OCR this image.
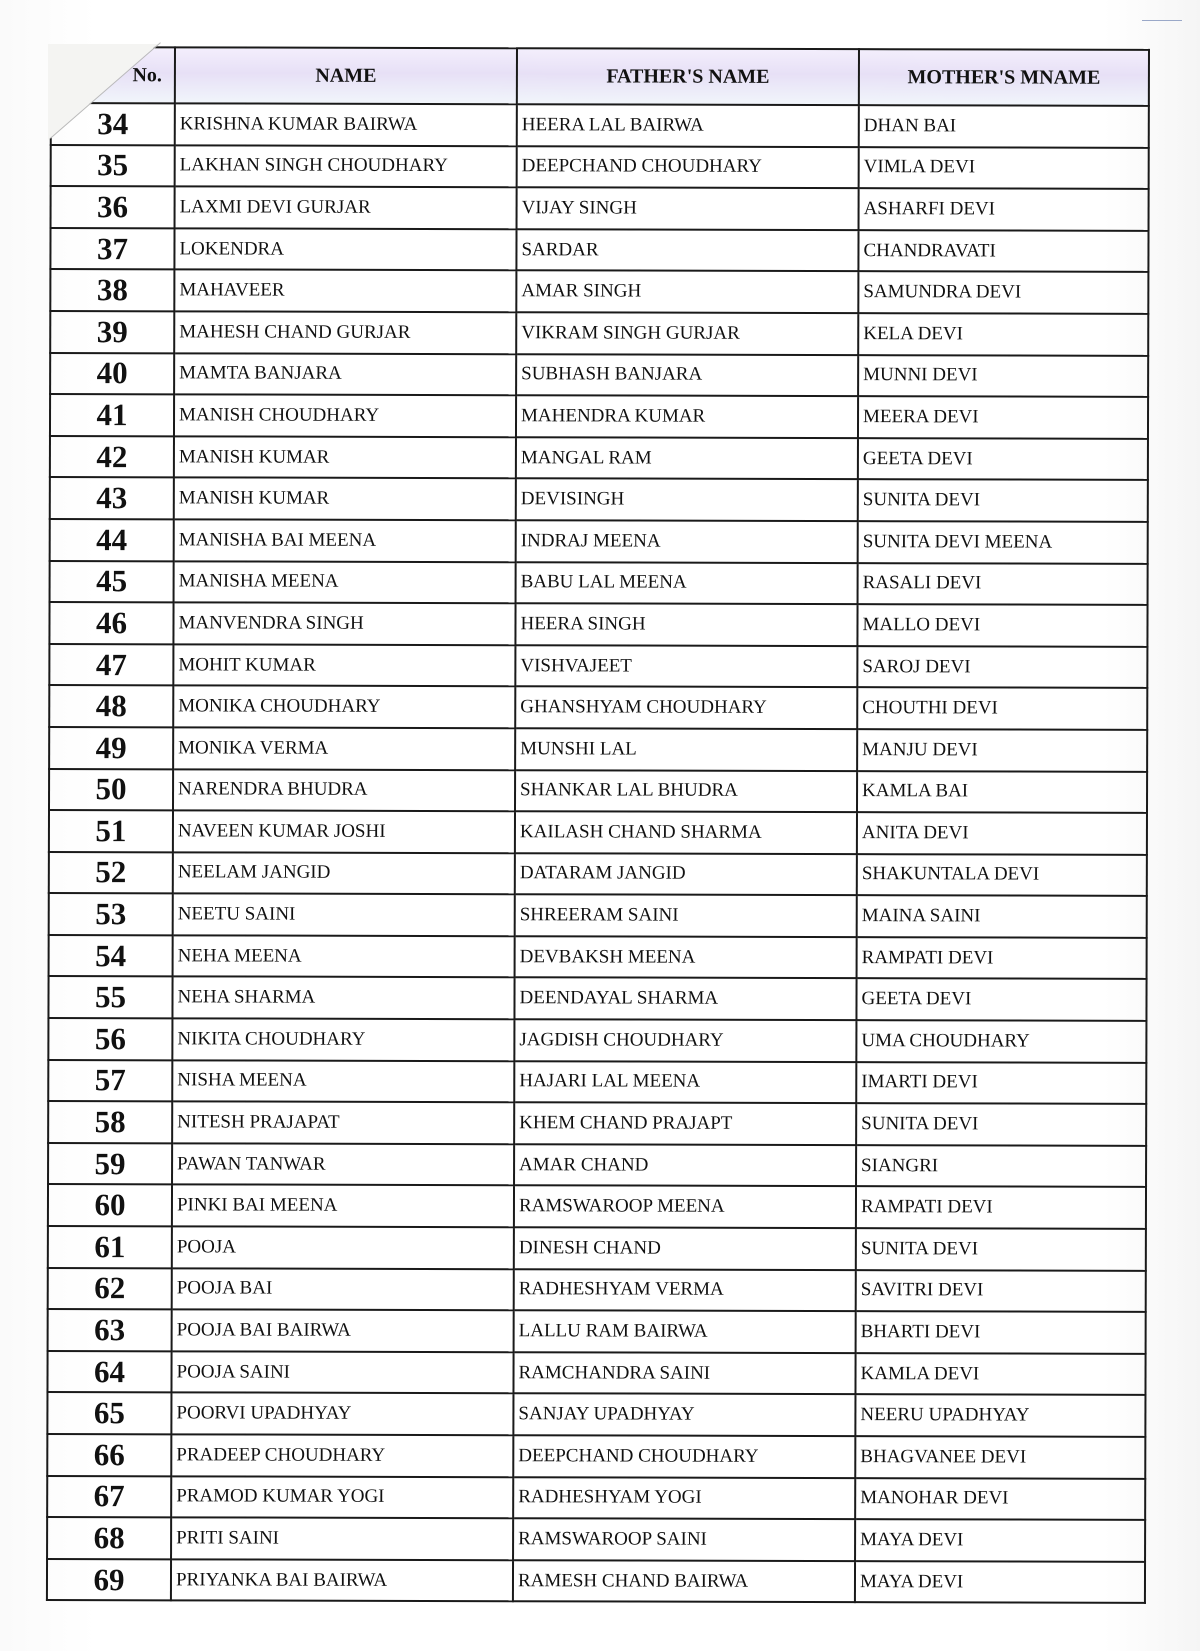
No.	NAME	FATHER'S NAME	MOTHER'S MNAME
34	KRISHNA KUMAR BAIRWA	HEERA LAL BAIRWA	DHAN BAI
35	LAKHAN SINGH CHOUDHARY	DEEPCHAND CHOUDHARY	VIMLA DEVI
36	LAXMI DEVI GURJAR	VIJAY SINGH	ASHARFI DEVI
37	LOKENDRA	SARDAR	CHANDRAVATI
38	MAHAVEER	AMAR SINGH	SAMUNDRA DEVI
39	MAHESH CHAND GURJAR	VIKRAM SINGH GURJAR	KELA DEVI
40	MAMTA BANJARA	SUBHASH BANJARA	MUNNI DEVI
41	MANISH CHOUDHARY	MAHENDRA KUMAR	MEERA DEVI
42	MANISH KUMAR	MANGAL RAM	GEETA DEVI
43	MANISH KUMAR	DEVISINGH	SUNITA DEVI
44	MANISHA BAI MEENA	INDRAJ MEENA	SUNITA DEVI MEENA
45	MANISHA MEENA	BABU LAL MEENA	RASALI DEVI
46	MANVENDRA SINGH	HEERA SINGH	MALLO DEVI
47	MOHIT KUMAR	VISHVAJEET	SAROJ DEVI
48	MONIKA CHOUDHARY	GHANSHYAM CHOUDHARY	CHOUTHI DEVI
49	MONIKA VERMA	MUNSHI LAL	MANJU DEVI
50	NARENDRA BHUDRA	SHANKAR LAL BHUDRA	KAMLA BAI
51	NAVEEN KUMAR JOSHI	KAILASH CHAND SHARMA	ANITA DEVI
52	NEELAM JANGID	DATARAM JANGID	SHAKUNTALA DEVI
53	NEETU SAINI	SHREERAM SAINI	MAINA SAINI
54	NEHA MEENA	DEVBAKSH MEENA	RAMPATI DEVI
55	NEHA SHARMA	DEENDAYAL SHARMA	GEETA DEVI
56	NIKITA CHOUDHARY	JAGDISH CHOUDHARY	UMA CHOUDHARY
57	NISHA MEENA	HAJARI LAL MEENA	IMARTI DEVI
58	NITESH PRAJAPAT	KHEM CHAND PRAJAPT	SUNITA DEVI
59	PAWAN TANWAR	AMAR CHAND	SIANGRI
60	PINKI BAI MEENA	RAMSWAROOP MEENA	RAMPATI DEVI
61	POOJA	DINESH CHAND	SUNITA DEVI
62	POOJA BAI	RADHESHYAM VERMA	SAVITRI DEVI
63	POOJA BAI BAIRWA	LALLU RAM BAIRWA	BHARTI DEVI
64	POOJA SAINI	RAMCHANDRA SAINI	KAMLA DEVI
65	POORVI UPADHYAY	SANJAY UPADHYAY	NEERU UPADHYAY
66	PRADEEP CHOUDHARY	DEEPCHAND CHOUDHARY	BHAGVANEE DEVI
67	PRAMOD KUMAR YOGI	RADHESHYAM YOGI	MANOHAR DEVI
68	PRITI SAINI	RAMSWAROOP SAINI	MAYA DEVI
69	PRIYANKA BAI BAIRWA	RAMESH CHAND BAIRWA	MAYA DEVI
